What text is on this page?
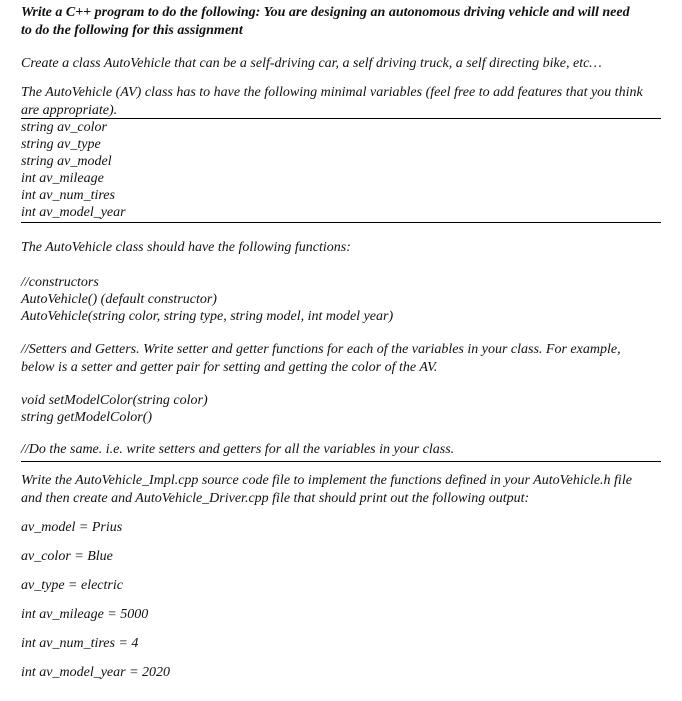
Write a C++ program to do the following: You are designing an autonomous driving vehicle and will need to do the following for this assignment
Create a class AutoVehicle that can be a self-driving car, a self driving truck, a self directing bike, etc…
The AutoVehicle (AV) class has to have the following minimal variables (feel free to add features that you think are appropriate).
string av_color
string av_type
string av_model
int av_mileage
int av_num_tires
int av_model_year
The AutoVehicle class should have the following functions:
//constructors
AutoVehicle() (default constructor)
AutoVehicle(string color, string type, string model, int model year)
//Setters and Getters. Write setter and getter functions for each of the variables in your class. For example, below is a setter and getter pair for setting and getting the color of the AV.
void setModelColor(string color)
string getModelColor()
//Do the same. i.e. write setters and getters for all the variables in your class.
Write the AutoVehicle_Impl.cpp source code file to implement the functions defined in your AutoVehicle.h file and then create and AutoVehicle_Driver.cpp file that should print out the following output:
av_model = Prius
av_color = Blue
av_type = electric
int av_mileage = 5000
int av_num_tires = 4
int av_model_year = 2020
